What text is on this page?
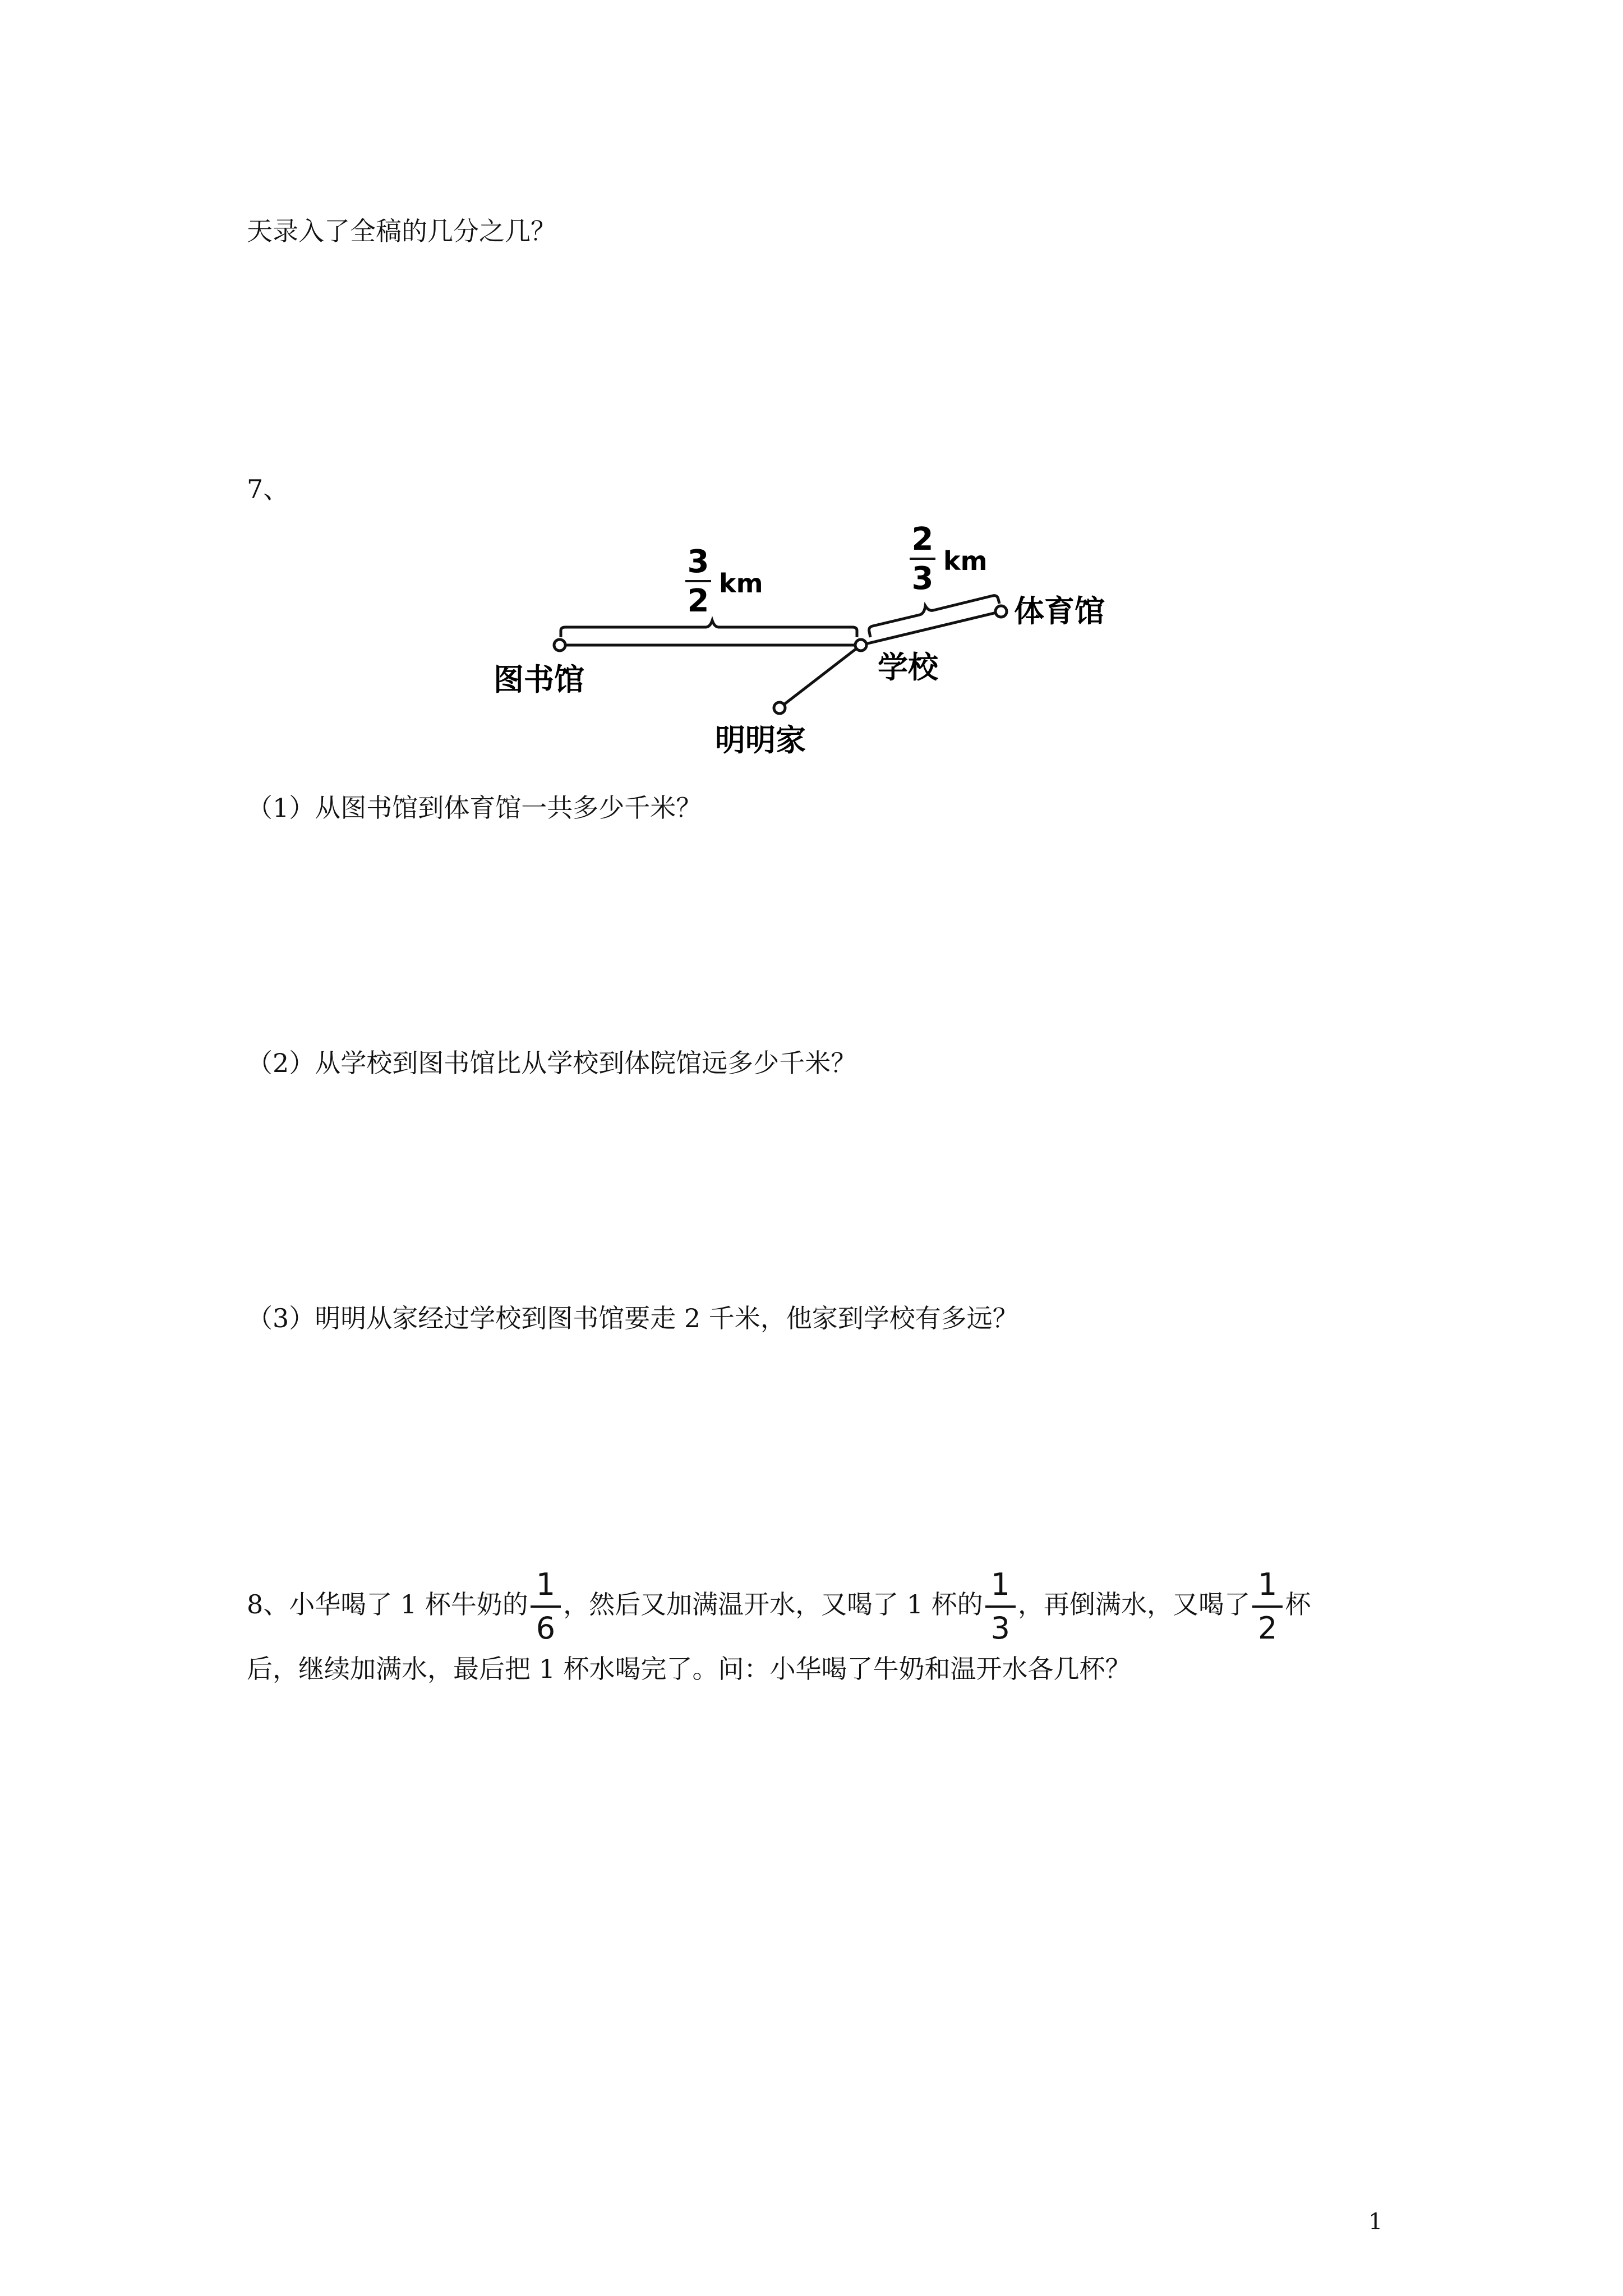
天录入了全稿的几分之几？
7、
3
2 km
2
3 km
图书馆	学校
体育馆
明明家
（1）从图书馆到体育馆一共多少千米？
（2）从学校到图书馆比从学校到体院馆远多少千米？
（3）明明从家经过学校到图书馆要走 2 千米，他家到学校有多远？
8、小华喝了 1 杯牛奶的 $\frac{1}{6}$ ，然后又加满温开水，又喝了 1 杯的 $\frac{1}{3}$ ，再倒满水，又喝了 $\frac{1}{2}$ 杯
后，继续加满水，最后把 1 杯水喝完了。问：小华喝了牛奶和温开水各几杯？
1
